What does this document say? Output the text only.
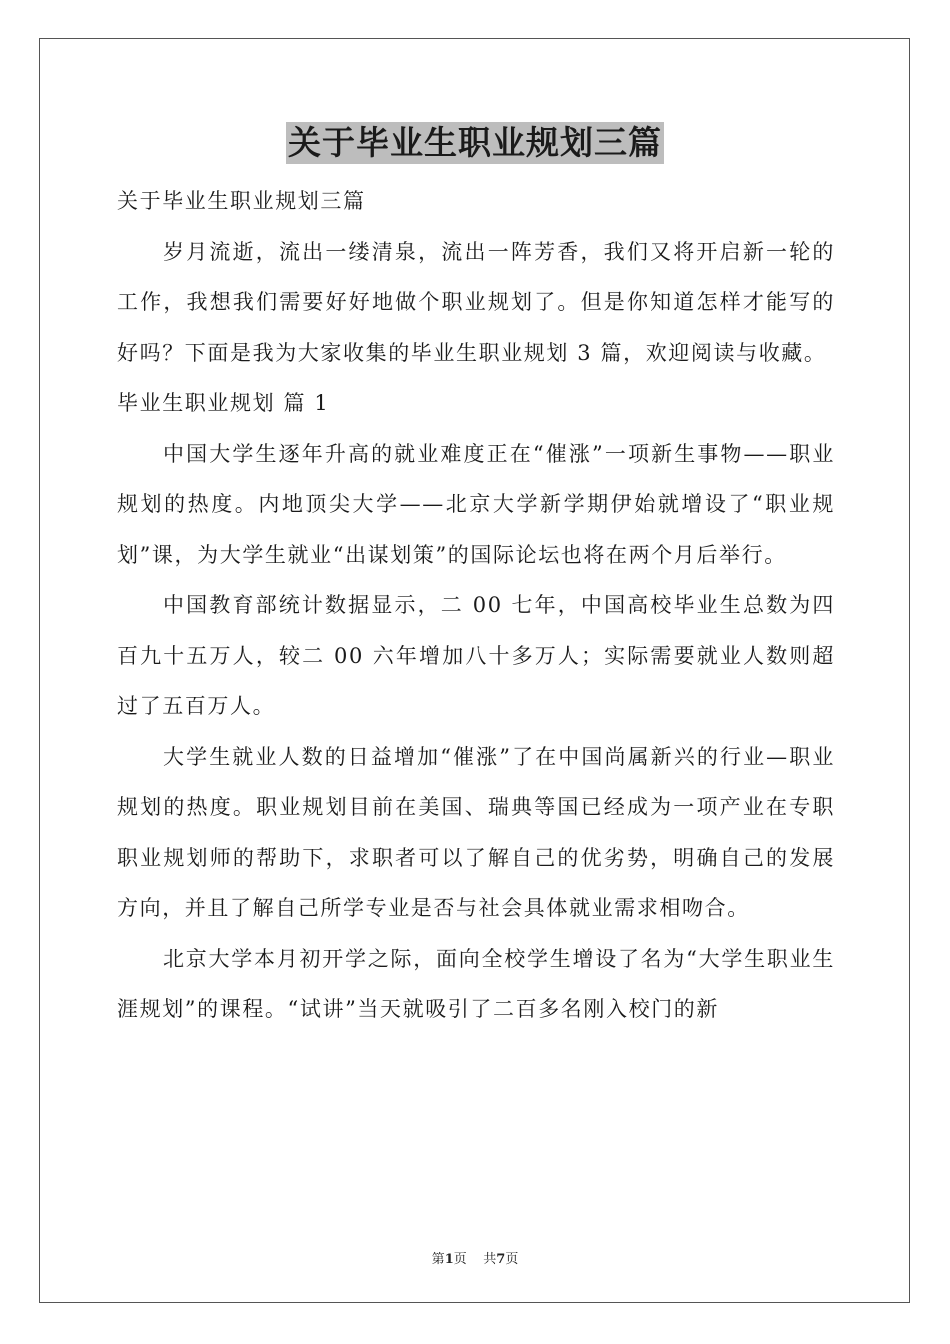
关于毕业生职业规划三篇

关于毕业生职业规划三篇

岁月流逝，流出一缕清泉，流出一阵芳香，我们又将开启新一轮的工作，我想我们需要好好地做个职业规划了。但是你知道怎样才能写的好吗？下面是我为大家收集的毕业生职业规划 3 篇，欢迎阅读与收藏。

毕业生职业规划 篇 1

中国大学生逐年升高的就业难度正在“催涨”一项新生事物——职业规划的热度。内地顶尖大学——北京大学新学期伊始就增设了“职业规划”课，为大学生就业“出谋划策”的国际论坛也将在两个月后举行。

中国教育部统计数据显示，二 00 七年，中国高校毕业生总数为四百九十五万人，较二 00 六年增加八十多万人；实际需要就业人数则超过了五百万人。

大学生就业人数的日益增加“催涨”了在中国尚属新兴的行业—职业规划的热度。职业规划目前在美国、瑞典等国已经成为一项产业在专职职业规划师的帮助下，求职者可以了解自己的优劣势，明确自己的发展方向，并且了解自己所学专业是否与社会具体就业需求相吻合。

北京大学本月初开学之际，面向全校学生增设了名为“大学生职业生涯规划”的课程。“试讲”当天就吸引了二百多名刚入校门的新

第1页    共7页
